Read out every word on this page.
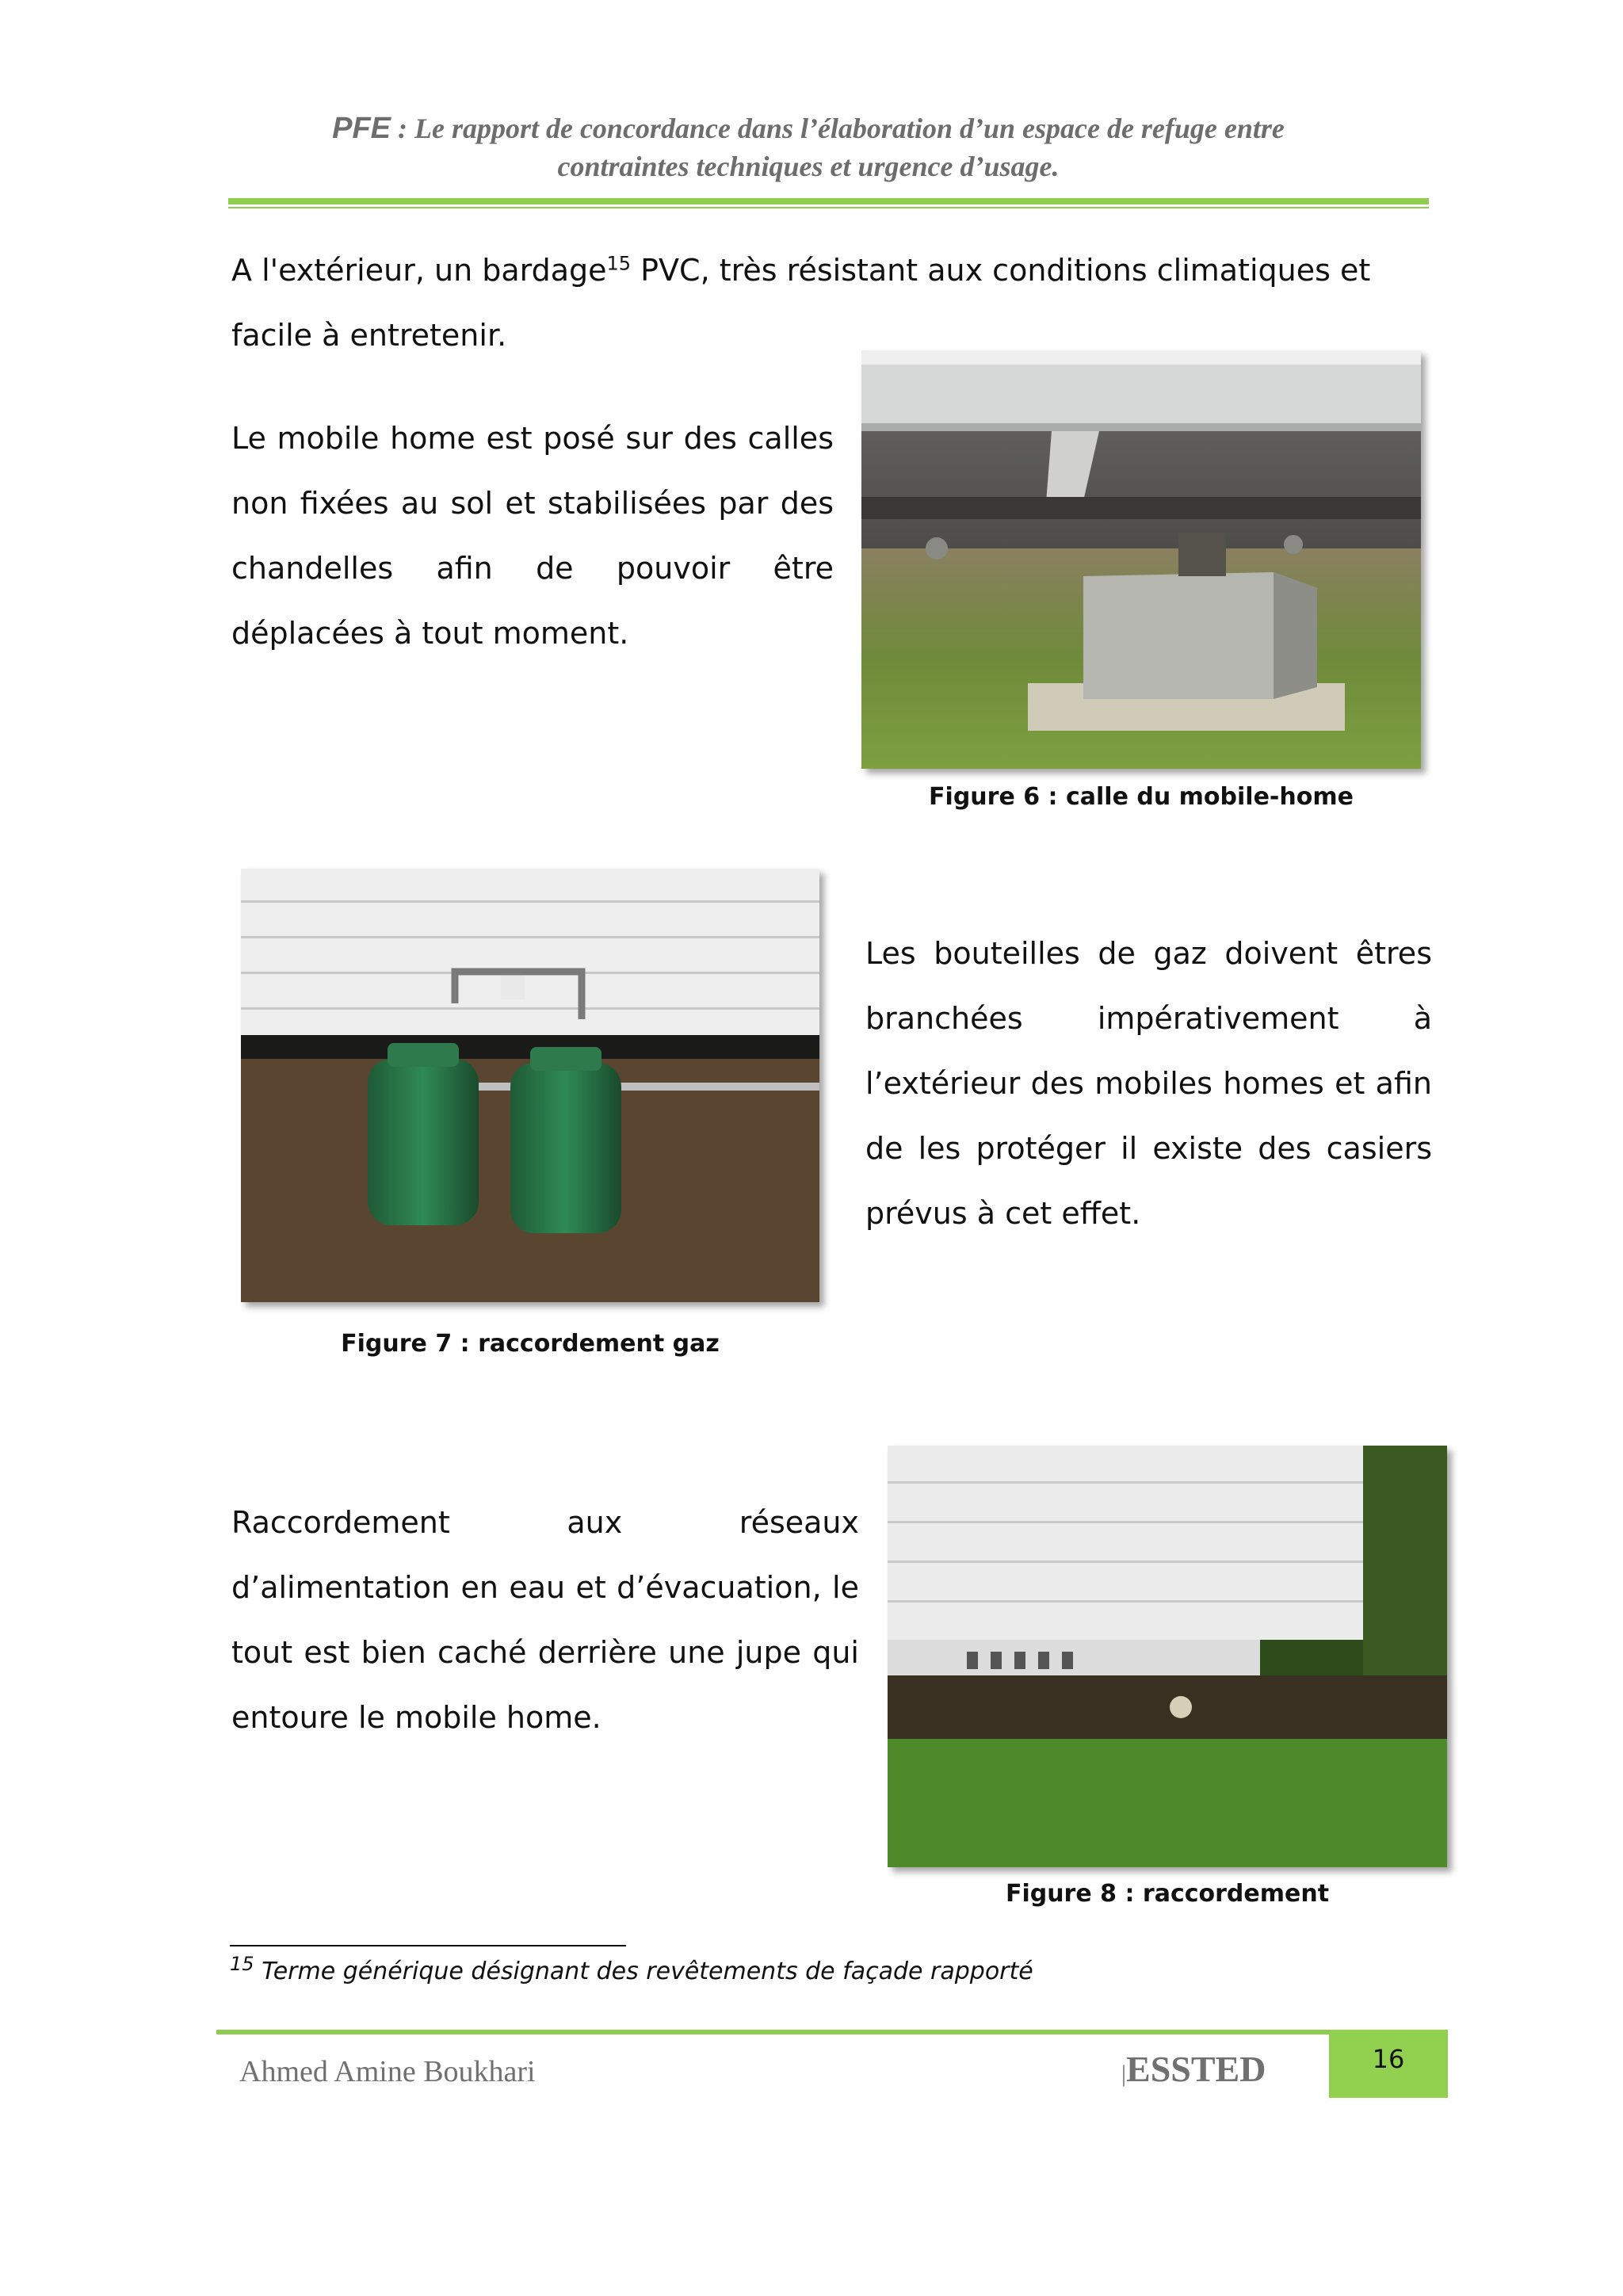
PFE : Le rapport de concordance dans l’élaboration d’un espace de refuge entre
contraintes techniques et urgence d’usage.

A l'extérieur, un bardage$^{15}$ PVC, très résistant aux conditions climatiques et facile à entretenir.

Le mobile home est posé sur des calles non fixées au sol et stabilisées par des chandelles afin de pouvoir être déplacées à tout moment.

Figure 6 : calle du mobile-home
Figure 7 : raccordement gaz

Les bouteilles de gaz doivent êtres branchées impérativement à l’extérieur des mobiles homes et afin de les protéger il existe des casiers prévus à cet effet.

Raccordement aux réseaux d’alimentation en eau et d’évacuation, le tout est bien caché derrière une jupe qui entoure le mobile home.

Figure 8 : raccordement
$^{15}$ Terme générique désignant des revêtements de façade rapporté
Ahmed Amine Boukhari	|ESSTED	16
